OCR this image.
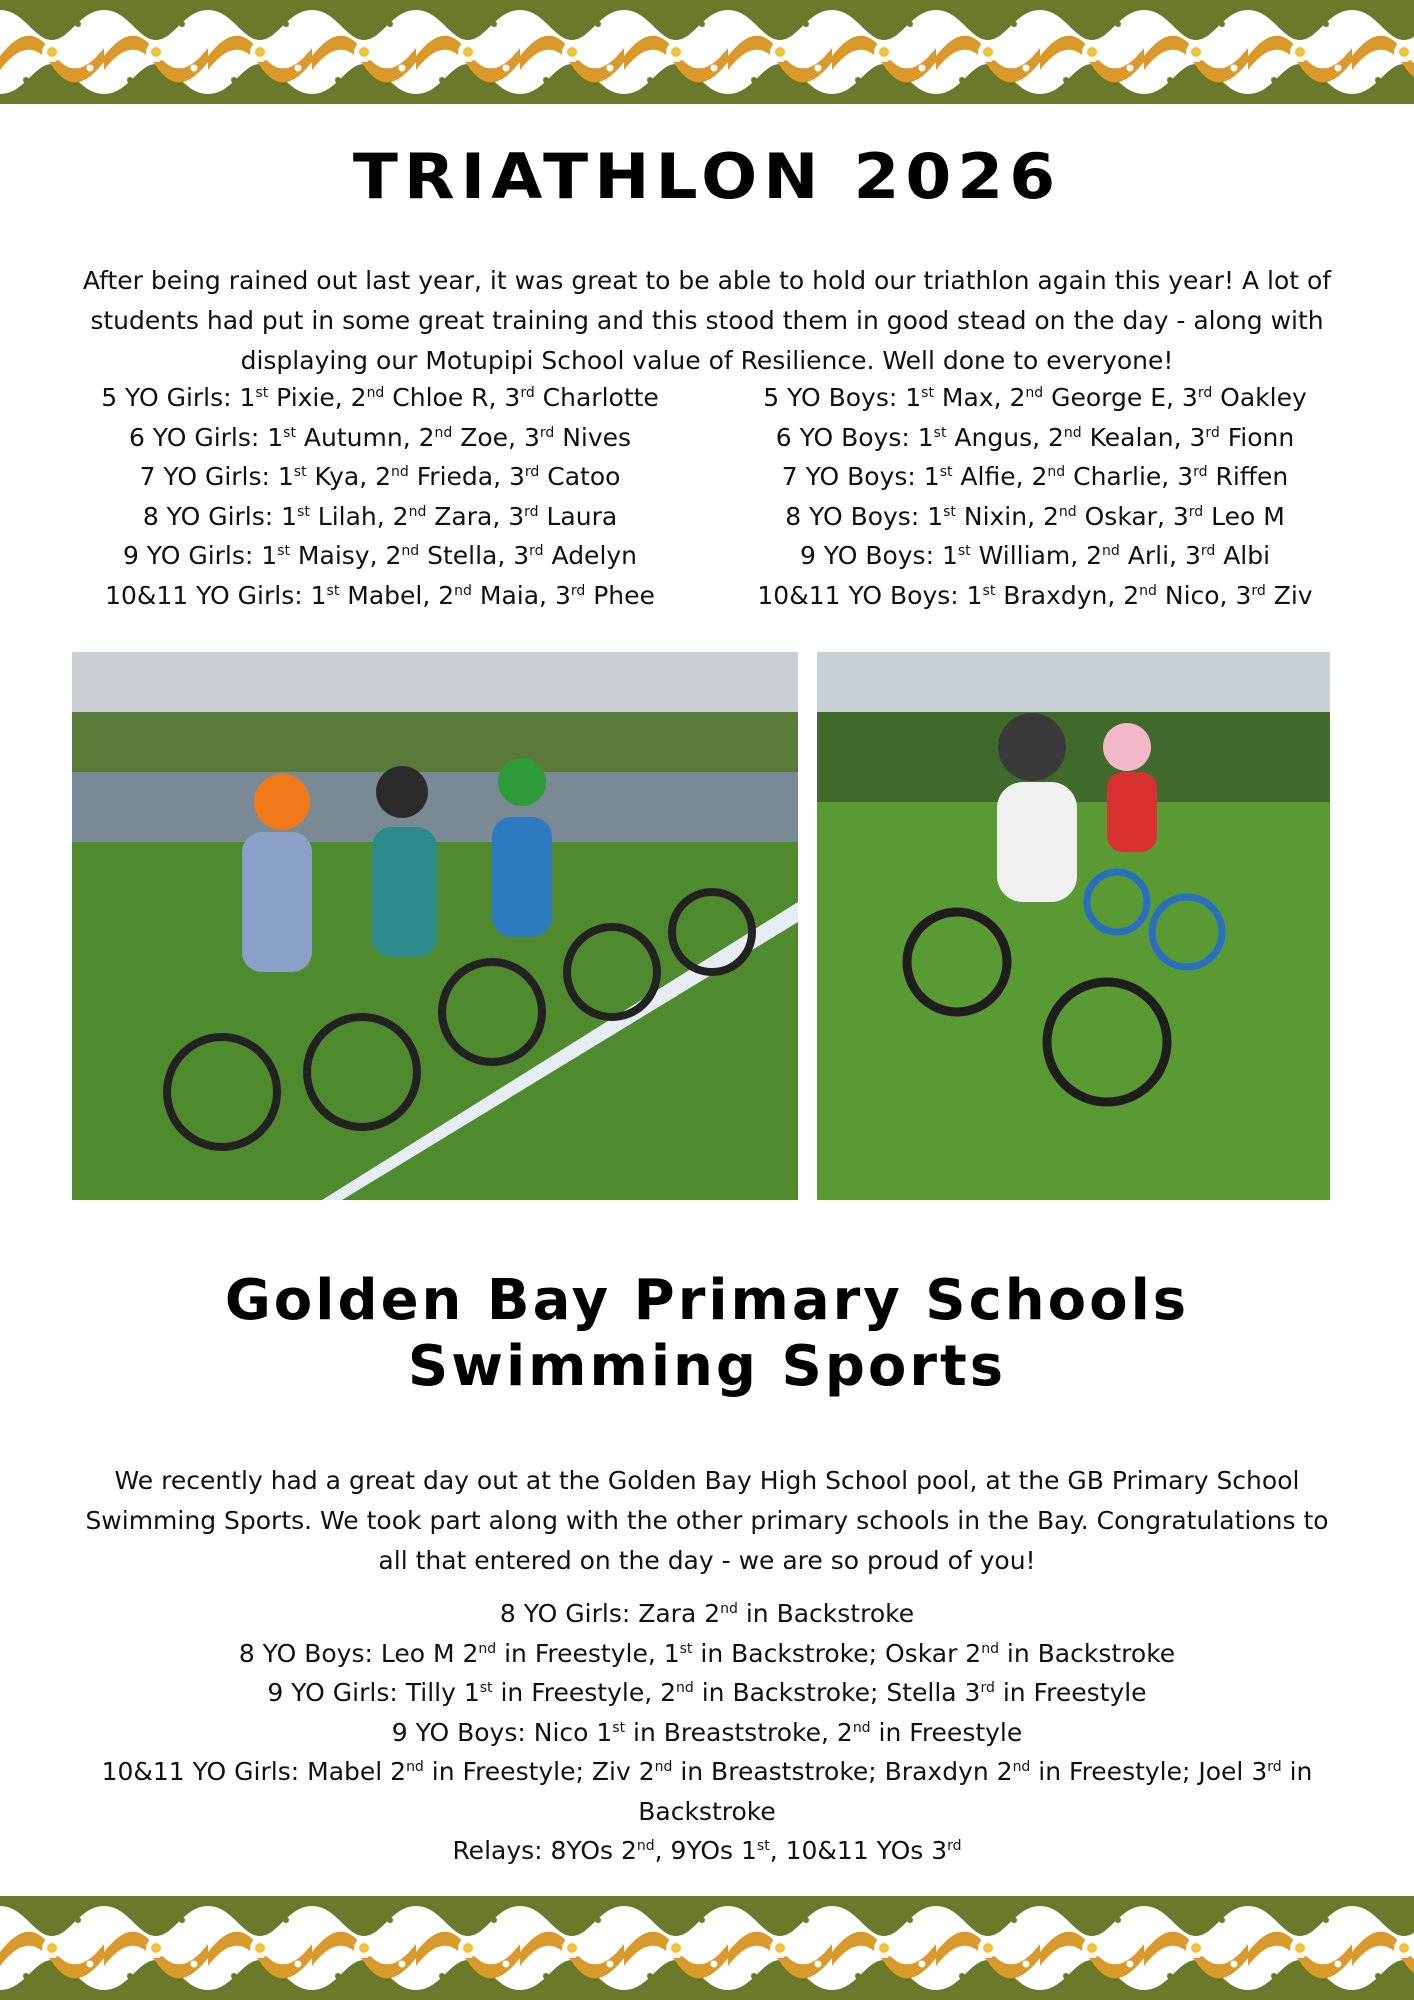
TRIATHLON 2026

After being rained out last year, it was great to be able to hold our triathlon again this year! A lot of students had put in some great training and this stood them in good stead on the day - along with displaying our Motupipi School value of Resilience. Well done to everyone!

5 YO Girls: 1st Pixie, 2nd Chloe R, 3rd Charlotte
6 YO Girls: 1st Autumn, 2nd Zoe, 3rd Nives
7 YO Girls: 1st Kya, 2nd Frieda, 3rd Catoo
8 YO Girls: 1st Lilah, 2nd Zara, 3rd Laura
9 YO Girls: 1st Maisy, 2nd Stella, 3rd Adelyn
10&11 YO Girls: 1st Mabel, 2nd Maia, 3rd Phee
5 YO Boys: 1st Max, 2nd George E, 3rd Oakley
6 YO Boys: 1st Angus, 2nd Kealan, 3rd Fionn
7 YO Boys: 1st Alfie, 2nd Charlie, 3rd Riffen
8 YO Boys: 1st Nixin, 2nd Oskar, 3rd Leo M
9 YO Boys: 1st William, 2nd Arli, 3rd Albi
10&11 YO Boys: 1st Braxdyn, 2nd Nico, 3rd Ziv
Golden Bay Primary Schools
Swimming Sports

We recently had a great day out at the Golden Bay High School pool, at the GB Primary School Swimming Sports. We took part along with the other primary schools in the Bay. Congratulations to all that entered on the day - we are so proud of you!

8 YO Girls: Zara 2nd in Backstroke
8 YO Boys: Leo M 2nd in Freestyle, 1st in Backstroke; Oskar 2nd in Backstroke
9 YO Girls: Tilly 1st in Freestyle, 2nd in Backstroke; Stella 3rd in Freestyle
9 YO Boys: Nico 1st in Breaststroke, 2nd in Freestyle
10&11 YO Girls: Mabel 2nd in Freestyle; Ziv 2nd in Breaststroke; Braxdyn 2nd in Freestyle; Joel 3rd in Backstroke
Relays: 8YOs 2nd, 9YOs 1st, 10&11 YOs 3rd
